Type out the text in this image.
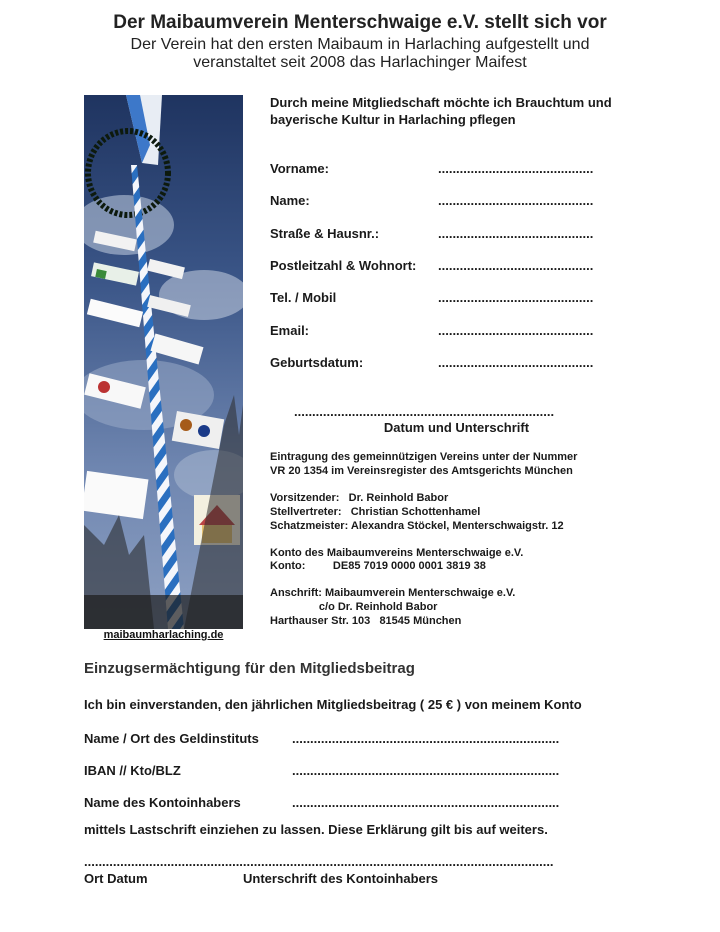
Der Maibaumverein Menterschwaige e.V. stellt sich vor
Der Verein hat den ersten Maibaum in Harlaching aufgestellt und
veranstaltet seit 2008 das Harlachinger Maifest
maibaumharlaching.de
Durch meine Mitgliedschaft möchte ich Brauchtum und
bayerische Kultur in Harlaching pflegen
Vorname:	...........................................
Name:	...........................................
Straße & Hausnr.:	...........................................
Postleitzahl & Wohnort: ...........................................
Tel. / Mobil	...........................................
Email:	...........................................
Geburtsdatum:	...........................................
........................................................................
Datum und Unterschrift
Eintragung des gemeinnützigen Vereins unter der Nummer
VR 20 1354 im Vereinsregister des Amtsgerichts München
Vorsitzender:   Dr. Reinhold Babor
Stellvertreter:   Christian Schottenhamel
Schatzmeister: Alexandra Stöckel, Menterschwaigstr. 12
Konto des Maibaumvereins Menterschwaige e.V.
Konto:         DE85 7019 0000 0001 3819 38
Anschrift: Maibaumverein Menterschwaige e.V.
c/o Dr. Reinhold Babor
Harthauser Str. 103   81545 München
Einzugsermächtigung für den Mitgliedsbeitrag
Ich bin einverstanden, den jährlichen Mitgliedsbeitrag ( 25 € ) von meinem Konto
Name / Ort des Geldinstituts	..........................................................................
IBAN // Kto/BLZ	..........................................................................
Name des Kontoinhabers	..........................................................................
mittels Lastschrift einziehen zu lassen. Diese Erklärung gilt bis auf weiters.
..................................................................................................................................
Ort Datum	Unterschrift des Kontoinhabers
